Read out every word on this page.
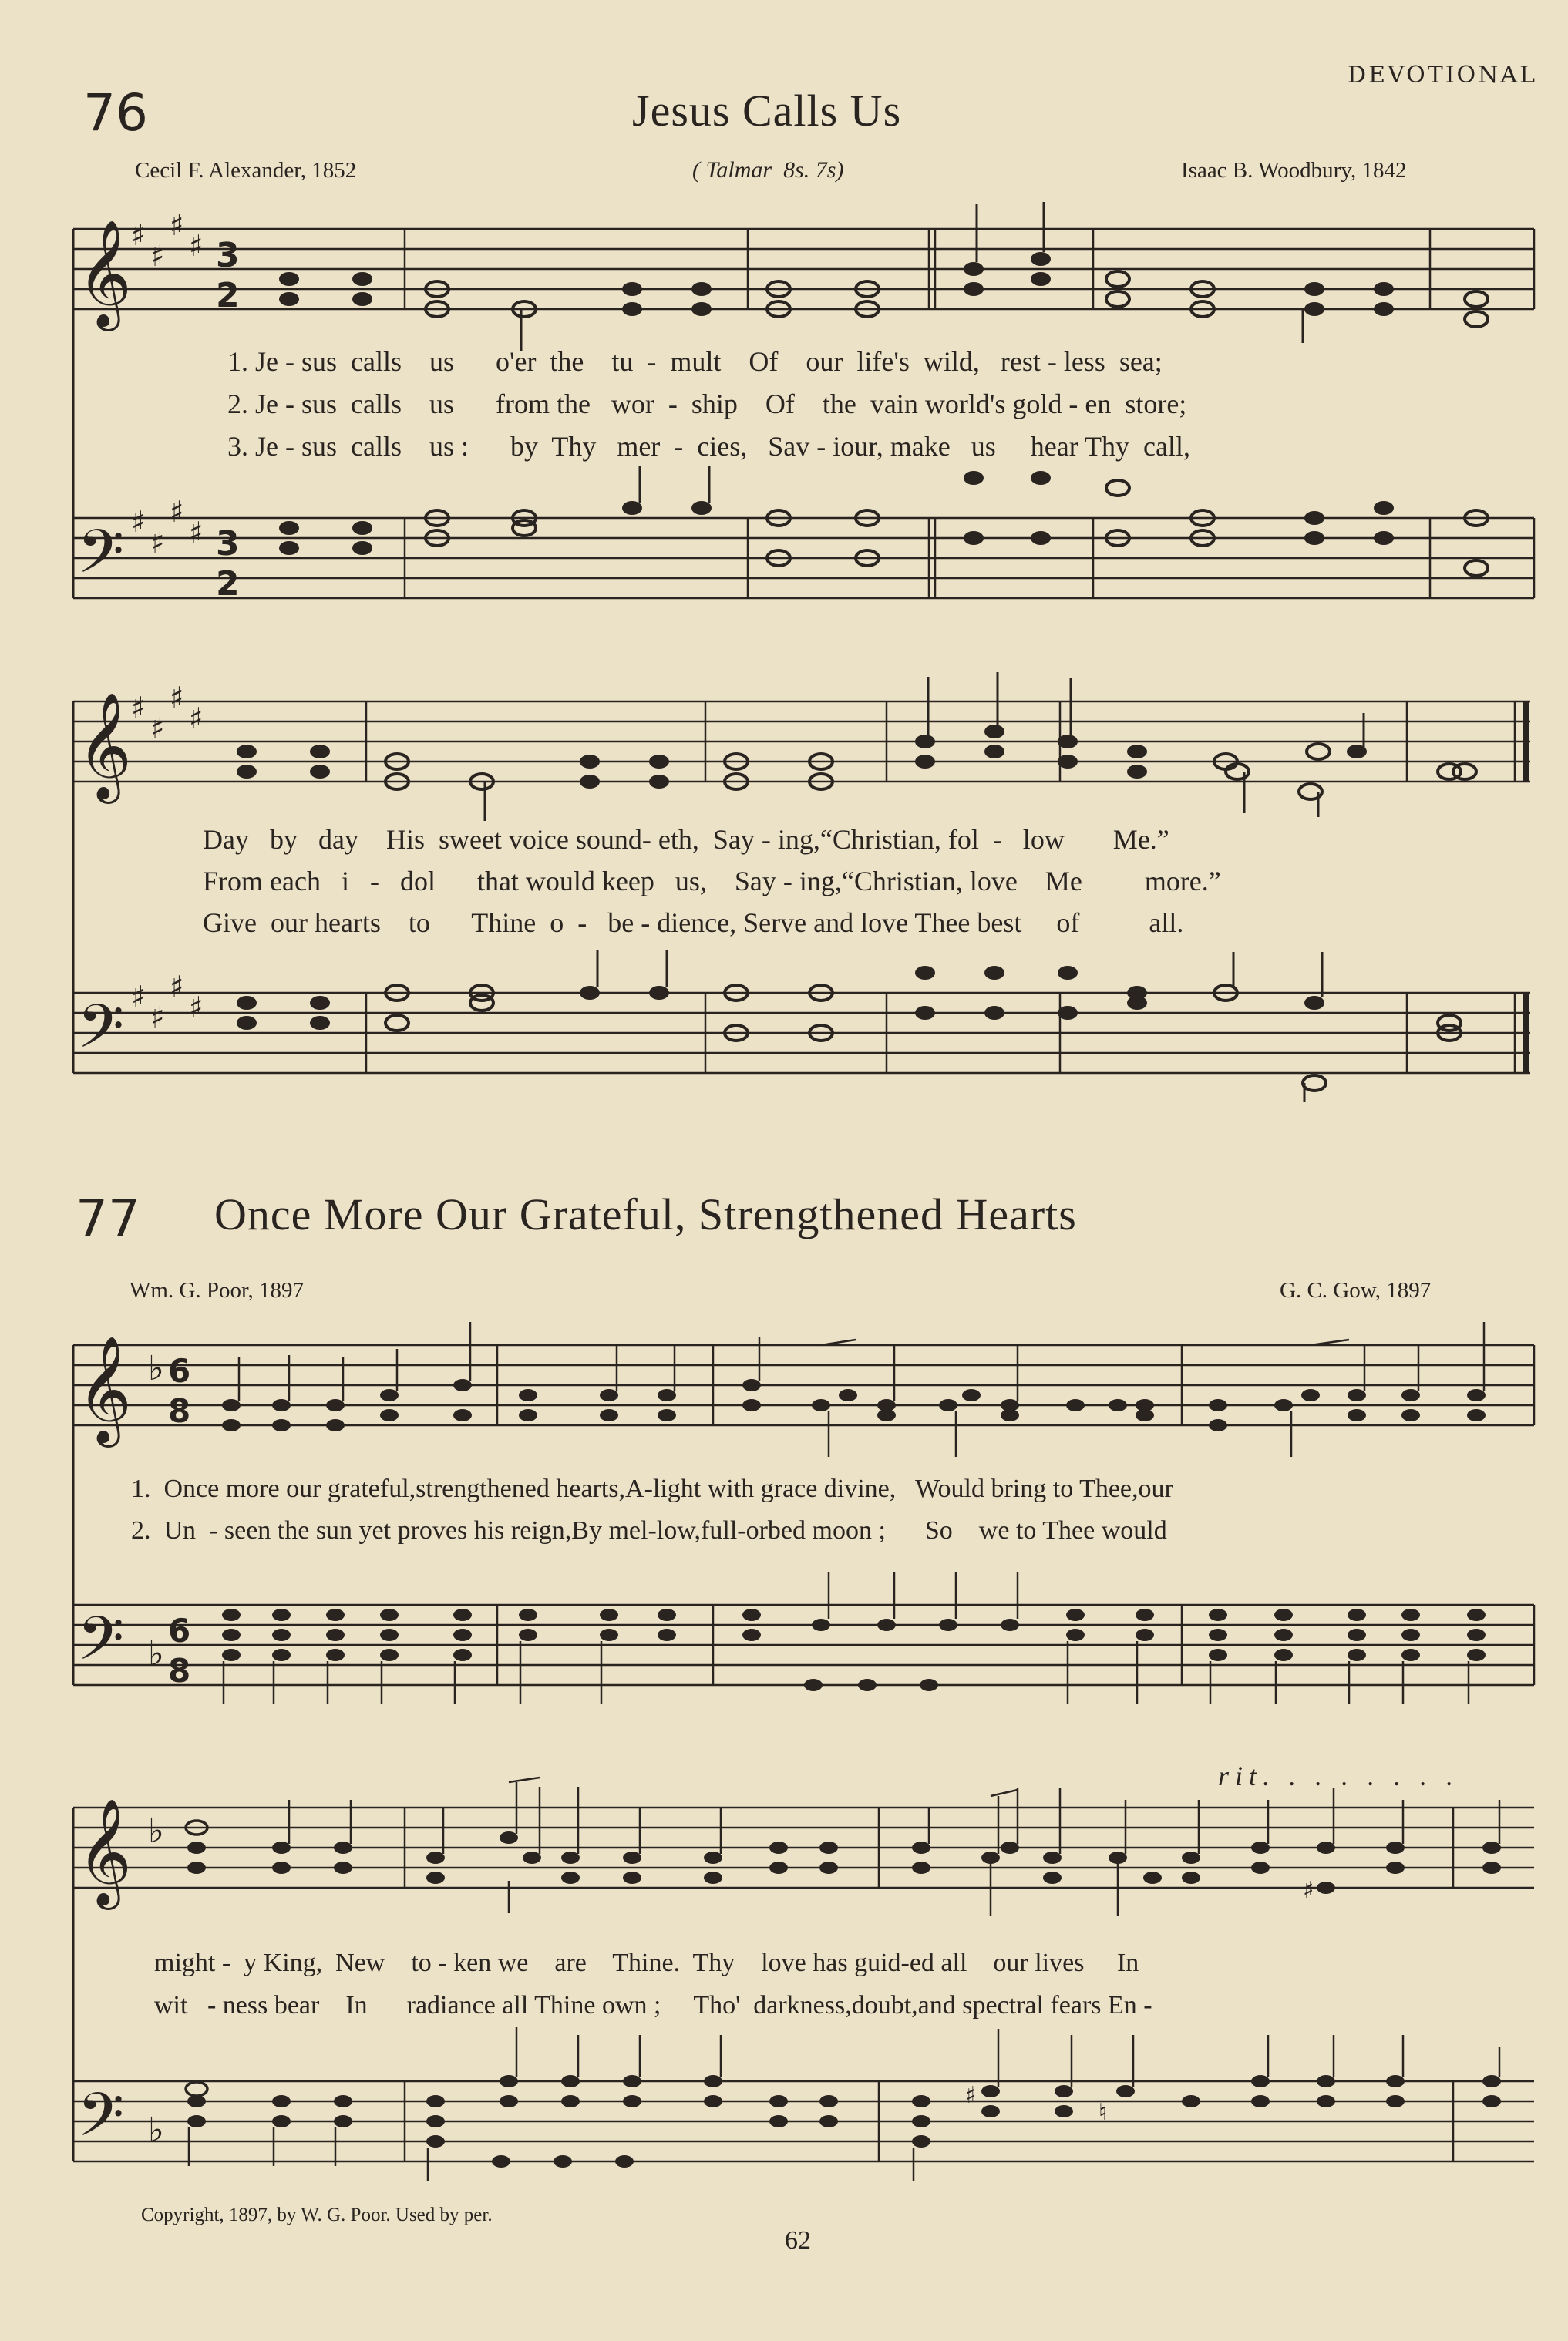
DEVOTIONAL
76	Jesus Calls Us
Cecil F. Alexander, 1852	( Talmar 8s. 7s)	Isaac B. Woodbury, 1842
𝄞
𝄢
♯
♯
♯
♯
♯
♯
♯
♯
3
2
3
2
1. Je - sus  calls    us      o'er  the    tu  -  mult    Of    our  life's  wild,   rest - less  sea;
2. Je - sus  calls    us      from the   wor  -  ship    Of    the  vain world's gold - en  store;
3. Je - sus  calls    us :      by  Thy   mer  -  cies,   Sav - iour, make   us     hear Thy  call,
𝄞
𝄢
♯
♯
♯
♯
♯
♯
♯
♯
Day   by   day    His  sweet voice sound- eth,  Say - ing,“Christian, fol  -   low       Me.”
From each   i   -   dol      that would keep   us,    Say - ing,“Christian, love    Me         more.”
Give  our hearts    to      Thine  o  -   be - dience, Serve and love Thee best     of          all.
77 Once More Our Grateful, Strengthened Hearts
Wm. G. Poor, 1897	G. C. Gow, 1897
𝄞
𝄢
♭
♭
6
8
6
8
1.  Once more our grateful,strengthened hearts,A-light with grace divine,   Would bring to Thee,our
2.  Un  - seen the sun yet proves his reign,By mel-low,full-orbed moon ;      So    we to Thee would
rit. . . . . . . .
𝄞
𝄢
♭
♭
♯
♮
♯
might -  y King,  New    to - ken we    are    Thine.  Thy    love has guid-ed all    our lives     In
wit   - ness bear    In      radiance all Thine own ;     Tho'  darkness,doubt,and spectral fears En -
Copyright, 1897, by W. G. Poor. Used by per.
62
